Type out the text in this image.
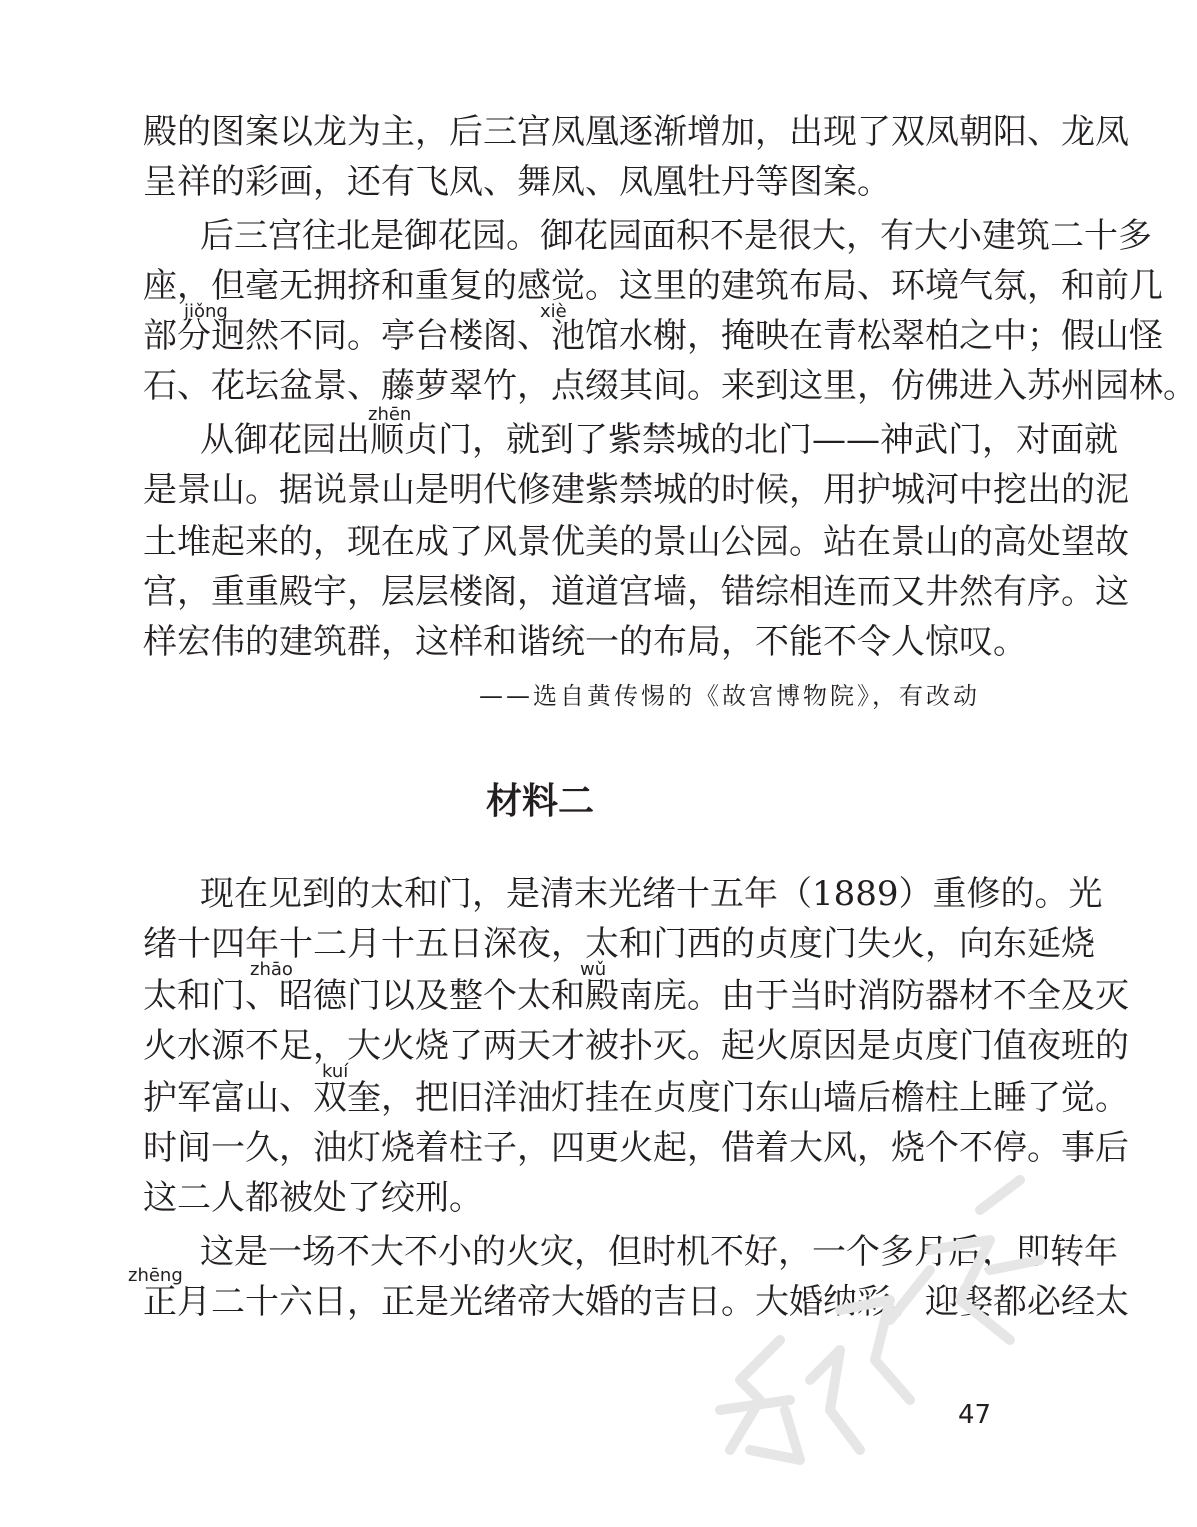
殿的图案以龙为主，后三宫凤凰逐渐增加，出现了双凤朝阳、龙凤
呈祥的彩画，还有飞凤、舞凤、凤凰牡丹等图案。
后三宫往北是御花园。御花园面积不是很大，有大小建筑二十多
座，但毫无拥挤和重复的感觉。这里的建筑布局、环境气氛，和前几
jiǒng
部分迥然不同。亭台楼阁、池馆水榭，掩映在青松翠柏之中；假山怪
xiè
石、花坛盆景、藤萝翠竹，点缀其间。来到这里，仿佛进入苏州园林。
zhēn
从御花园出顺贞门，就到了紫禁城的北门——神武门，对面就
是景山。据说景山是明代修建紫禁城的时候，用护城河中挖出的泥
土堆起来的，现在成了风景优美的景山公园。站在景山的高处望故
宫，重重殿宇，层层楼阁，道道宫墙，错综相连而又井然有序。这
样宏伟的建筑群，这样和谐统一的布局，不能不令人惊叹。
——选自黄传惕的《故宫博物院》，有改动
材料二
现在见到的太和门，是清末光绪十五年（1889）重修的。光
绪十四年十二月十五日深夜，太和门西的贞度门失火，向东延烧
zhāo	wǔ
太和门、昭德门以及整个太和殿南庑。由于当时消防器材不全及灭
火水源不足，大火烧了两天才被扑灭。起火原因是贞度门值夜班的
kuí
护军富山、双奎，把旧洋油灯挂在贞度门东山墙后檐柱上睡了觉。
时间一久，油灯烧着柱子，四更火起，借着大风，烧个不停。事后
这二人都被处了绞刑。
这是一场不大不小的火灾，但时机不好，一个多月后，即转年
zhēng
正月二十六日，正是光绪帝大婚的吉日。大婚纳彩、迎娶都必经太
47
